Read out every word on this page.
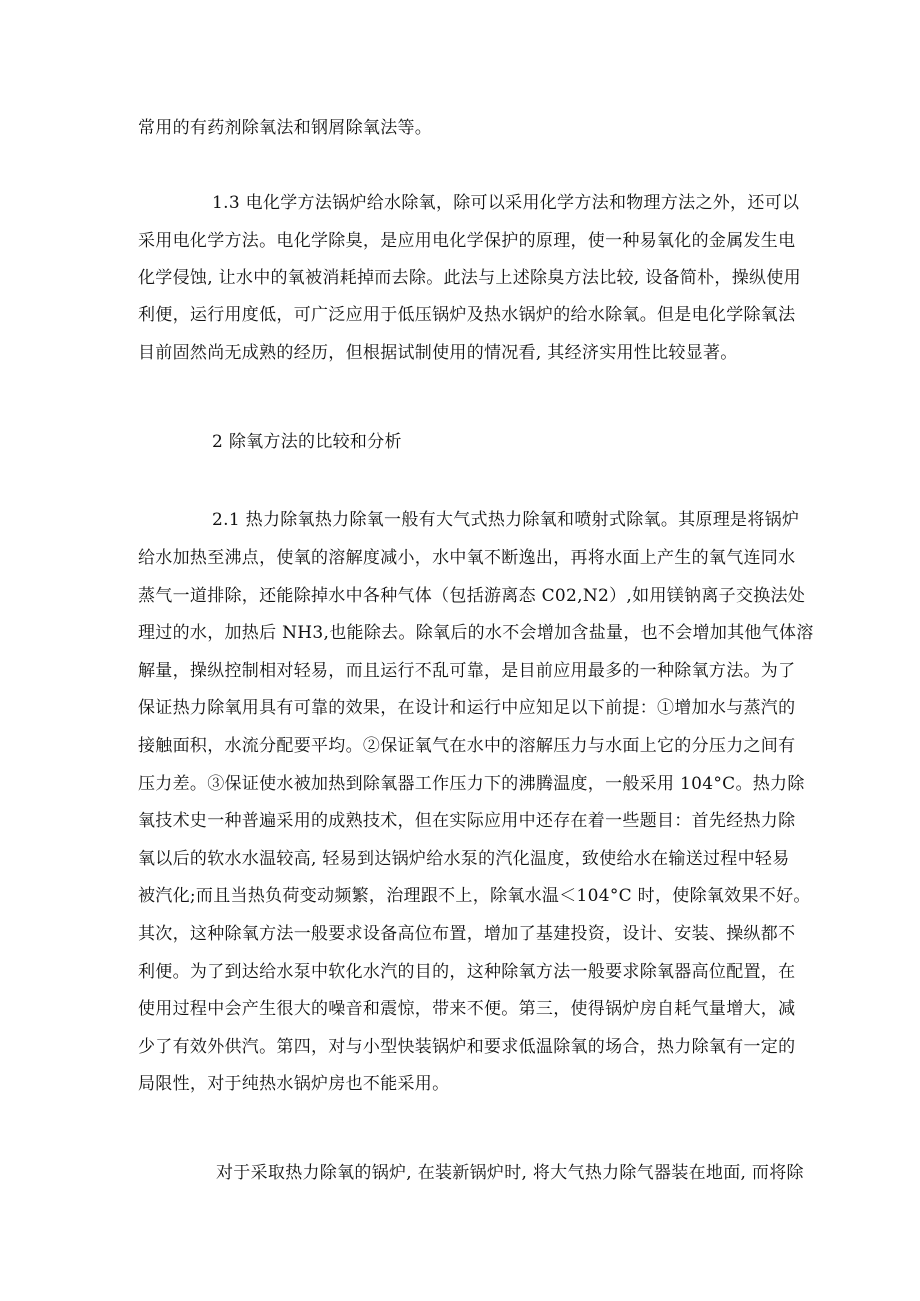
常用的有药剂除氧法和钢屑除氧法等。
1.3 电化学方法锅炉给水除氧，除可以采用化学方法和物理方法之外，还可以
采用电化学方法。电化学除臭，是应用电化学保护的原理，使一种易氧化的金属发生电
化学侵蚀, 让水中的氧被消耗掉而去除。此法与上述除臭方法比较, 设备简朴，操纵使用
利便，运行用度低，可广泛应用于低压锅炉及热水锅炉的给水除氧。但是电化学除氧法
目前固然尚无成熟的经历，但根据试制使用的情况看, 其经济实用性比较显著。
2 除氧方法的比较和分析
2.1 热力除氧热力除氧一般有大气式热力除氧和喷射式除氧。其原理是将锅炉
给水加热至沸点，使氧的溶解度减小，水中氧不断逸出，再将水面上产生的氧气连同水
蒸气一道排除，还能除掉水中各种气体（包括游离态 C02,N2）,如用镁钠离子交换法处
理过的水，加热后 NH3,也能除去。除氧后的水不会增加含盐量，也不会增加其他气体溶
解量，操纵控制相对轻易，而且运行不乱可靠，是目前应用最多的一种除氧方法。为了
保证热力除氧用具有可靠的效果，在设计和运行中应知足以下前提：①增加水与蒸汽的
接触面积，水流分配要平均。②保证氧气在水中的溶解压力与水面上它的分压力之间有
压力差。③保证使水被加热到除氧器工作压力下的沸腾温度，一般采用 104°C。热力除
氧技术史一种普遍采用的成熟技术，但在实际应用中还存在着一些题目：首先经热力除
氧以后的软水水温较高, 轻易到达锅炉给水泵的汽化温度，致使给水在输送过程中轻易
被汽化;而且当热负荷变动频繁，治理跟不上，除氧水温＜104°C 时，使除氧效果不好。
其次，这种除氧方法一般要求设备高位布置，增加了基建投资，设计、安装、操纵都不
利便。为了到达给水泵中软化水汽的目的，这种除氧方法一般要求除氧器高位配置，在
使用过程中会产生很大的噪音和震惊，带来不便。第三，使得锅炉房自耗气量增大，减
少了有效外供汽。第四，对与小型快装锅炉和要求低温除氧的场合，热力除氧有一定的
局限性，对于纯热水锅炉房也不能采用。
对于采取热力除氧的锅炉, 在装新锅炉时, 将大气热力除气器装在地面, 而将除
